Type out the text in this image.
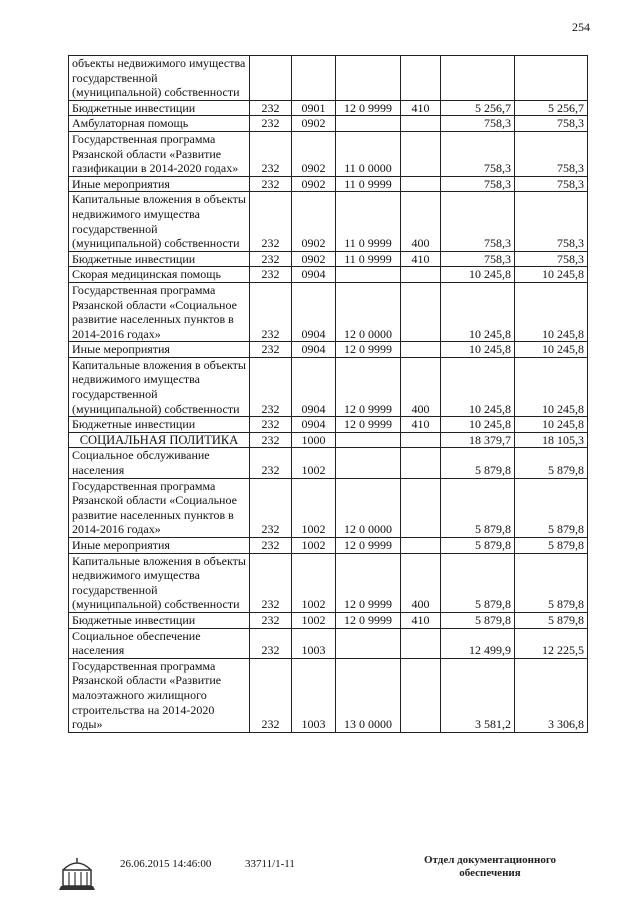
254
объекты недвижимого имущества государственной (муниципальной) собственности						
Бюджетные инвестиции	232	0901	12 0 9999	410	5 256,7	5 256,7
Амбулаторная помощь	232	0902			758,3	758,3
Государственная программа Рязанской области «Развитие газификации в 2014-2020 годах»	232	0902	11 0 0000		758,3	758,3
Иные мероприятия	232	0902	11 0 9999		758,3	758,3
Капитальные вложения в объекты недвижимого имущества государственной (муниципальной) собственности	232	0902	11 0 9999	400	758,3	758,3
Бюджетные инвестиции	232	0902	11 0 9999	410	758,3	758,3
Скорая медицинская помощь	232	0904			10 245,8	10 245,8
Государственная программа Рязанской области «Социальное развитие населенных пунктов в 2014-2016 годах»	232	0904	12 0 0000		10 245,8	10 245,8
Иные мероприятия	232	0904	12 0 9999		10 245,8	10 245,8
Капитальные вложения в объекты недвижимого имущества государственной (муниципальной) собственности	232	0904	12 0 9999	400	10 245,8	10 245,8
Бюджетные инвестиции	232	0904	12 0 9999	410	10 245,8	10 245,8
СОЦИАЛЬНАЯ ПОЛИТИКА	232	1000			18 379,7	18 105,3
Социальное обслуживание населения	232	1002			5 879,8	5 879,8
Государственная программа Рязанской области «Социальное развитие населенных пунктов в 2014-2016 годах»	232	1002	12 0 0000		5 879,8	5 879,8
Иные мероприятия	232	1002	12 0 9999		5 879,8	5 879,8
Капитальные вложения в объекты недвижимого имущества государственной (муниципальной) собственности	232	1002	12 0 9999	400	5 879,8	5 879,8
Бюджетные инвестиции	232	1002	12 0 9999	410	5 879,8	5 879,8
Социальное обеспечение населения	232	1003			12 499,9	12 225,5
Государственная программа Рязанской области «Развитие малоэтажного жилищного строительства на 2014-2020 годы»	232	1003	13 0 0000		3 581,2	3 306,8
26.06.2015 14:46:00	33711/1-11	Отдел документационного обеспечения
